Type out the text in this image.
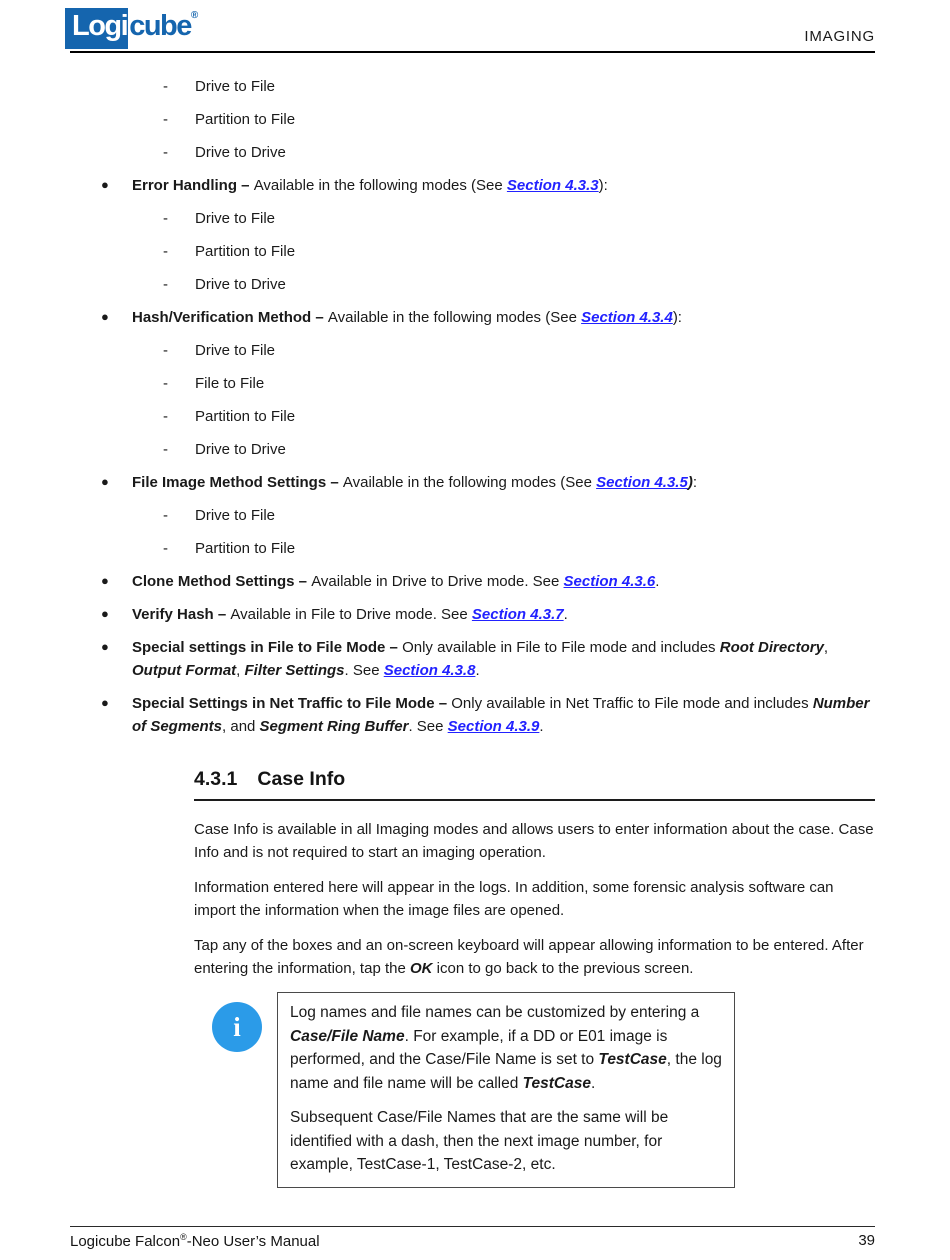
Logi cube ®
IMAGING
- Drive to File
- Partition to File
- Drive to Drive
● Error Handling – Available in the following modes (See Section 4.3.3):
- Drive to File
- Partition to File
- Drive to Drive
● Hash/Verification Method – Available in the following modes (See Section 4.3.4):
- Drive to File
- File to File
- Partition to File
- Drive to Drive
● File Image Method Settings – Available in the following modes (See Section 4.3.5):
- Drive to File
- Partition to File
● Clone Method Settings – Available in Drive to Drive mode. See Section 4.3.6.
● Verify Hash – Available in File to Drive mode. See Section 4.3.7.
● Special settings in File to File Mode – Only available in File to File mode and includes Root Directory, Output Format, Filter Settings. See Section 4.3.8.
● Special Settings in Net Traffic to File Mode – Only available in Net Traffic to File mode and includes Number of Segments, and Segment Ring Buffer. See Section 4.3.9.
4.3.1 Case Info

Case Info is available in all Imaging modes and allows users to enter information about the case. Case Info and is not required to start an imaging operation.

Information entered here will appear in the logs. In addition, some forensic analysis software can import the information when the image files are opened.

Tap any of the boxes and an on-screen keyboard will appear allowing information to be entered. After entering the information, tap the OK icon to go back to the previous screen.

i	Log names and file names can be customized by entering a Case/File Name. For example, if a DD or E01 image is performed, and the Case/File Name is set to TestCase, the log name and file name will be called TestCase.

Subsequent Case/File Names that are the same will be identified with a dash, then the next image number, for example, TestCase-1, TestCase-2, etc.

Logicube Falcon®-Neo User’s Manual	39
